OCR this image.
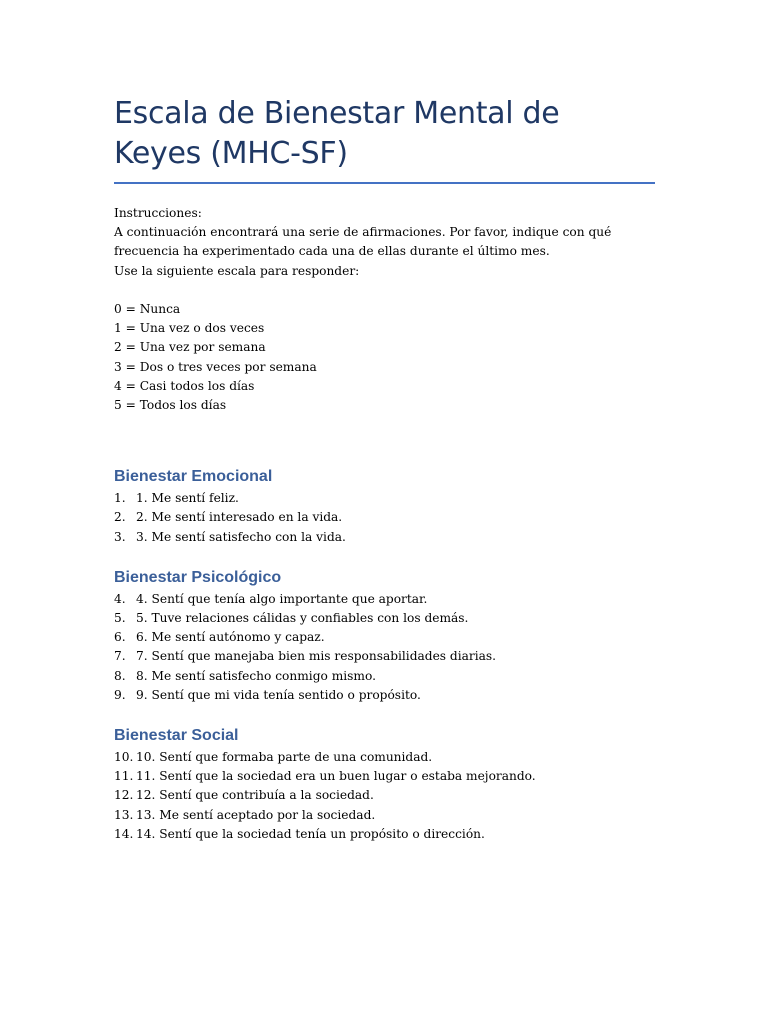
Escala de Bienestar Mental de Keyes (MHC-SF)

Instrucciones:

A continuación encontrará una serie de afirmaciones. Por favor, indique con qué frecuencia ha experimentado cada una de ellas durante el último mes.

Use la siguiente escala para responder:

0 = Nunca

1 = Una vez o dos veces

2 = Una vez por semana

3 = Dos o tres veces por semana

4 = Casi todos los días

5 = Todos los días

Bienestar Emocional
1. 1. Me sentí feliz.
2. 2. Me sentí interesado en la vida.
3. 3. Me sentí satisfecho con la vida.
Bienestar Psicológico
4. 4. Sentí que tenía algo importante que aportar.
5. 5. Tuve relaciones cálidas y confiables con los demás.
6. 6. Me sentí autónomo y capaz.
7. 7. Sentí que manejaba bien mis responsabilidades diarias.
8. 8. Me sentí satisfecho conmigo mismo.
9. 9. Sentí que mi vida tenía sentido o propósito.
Bienestar Social
10. 10. Sentí que formaba parte de una comunidad.
11. 11. Sentí que la sociedad era un buen lugar o estaba mejorando.
12. 12. Sentí que contribuía a la sociedad.
13. 13. Me sentí aceptado por la sociedad.
14. 14. Sentí que la sociedad tenía un propósito o dirección.
